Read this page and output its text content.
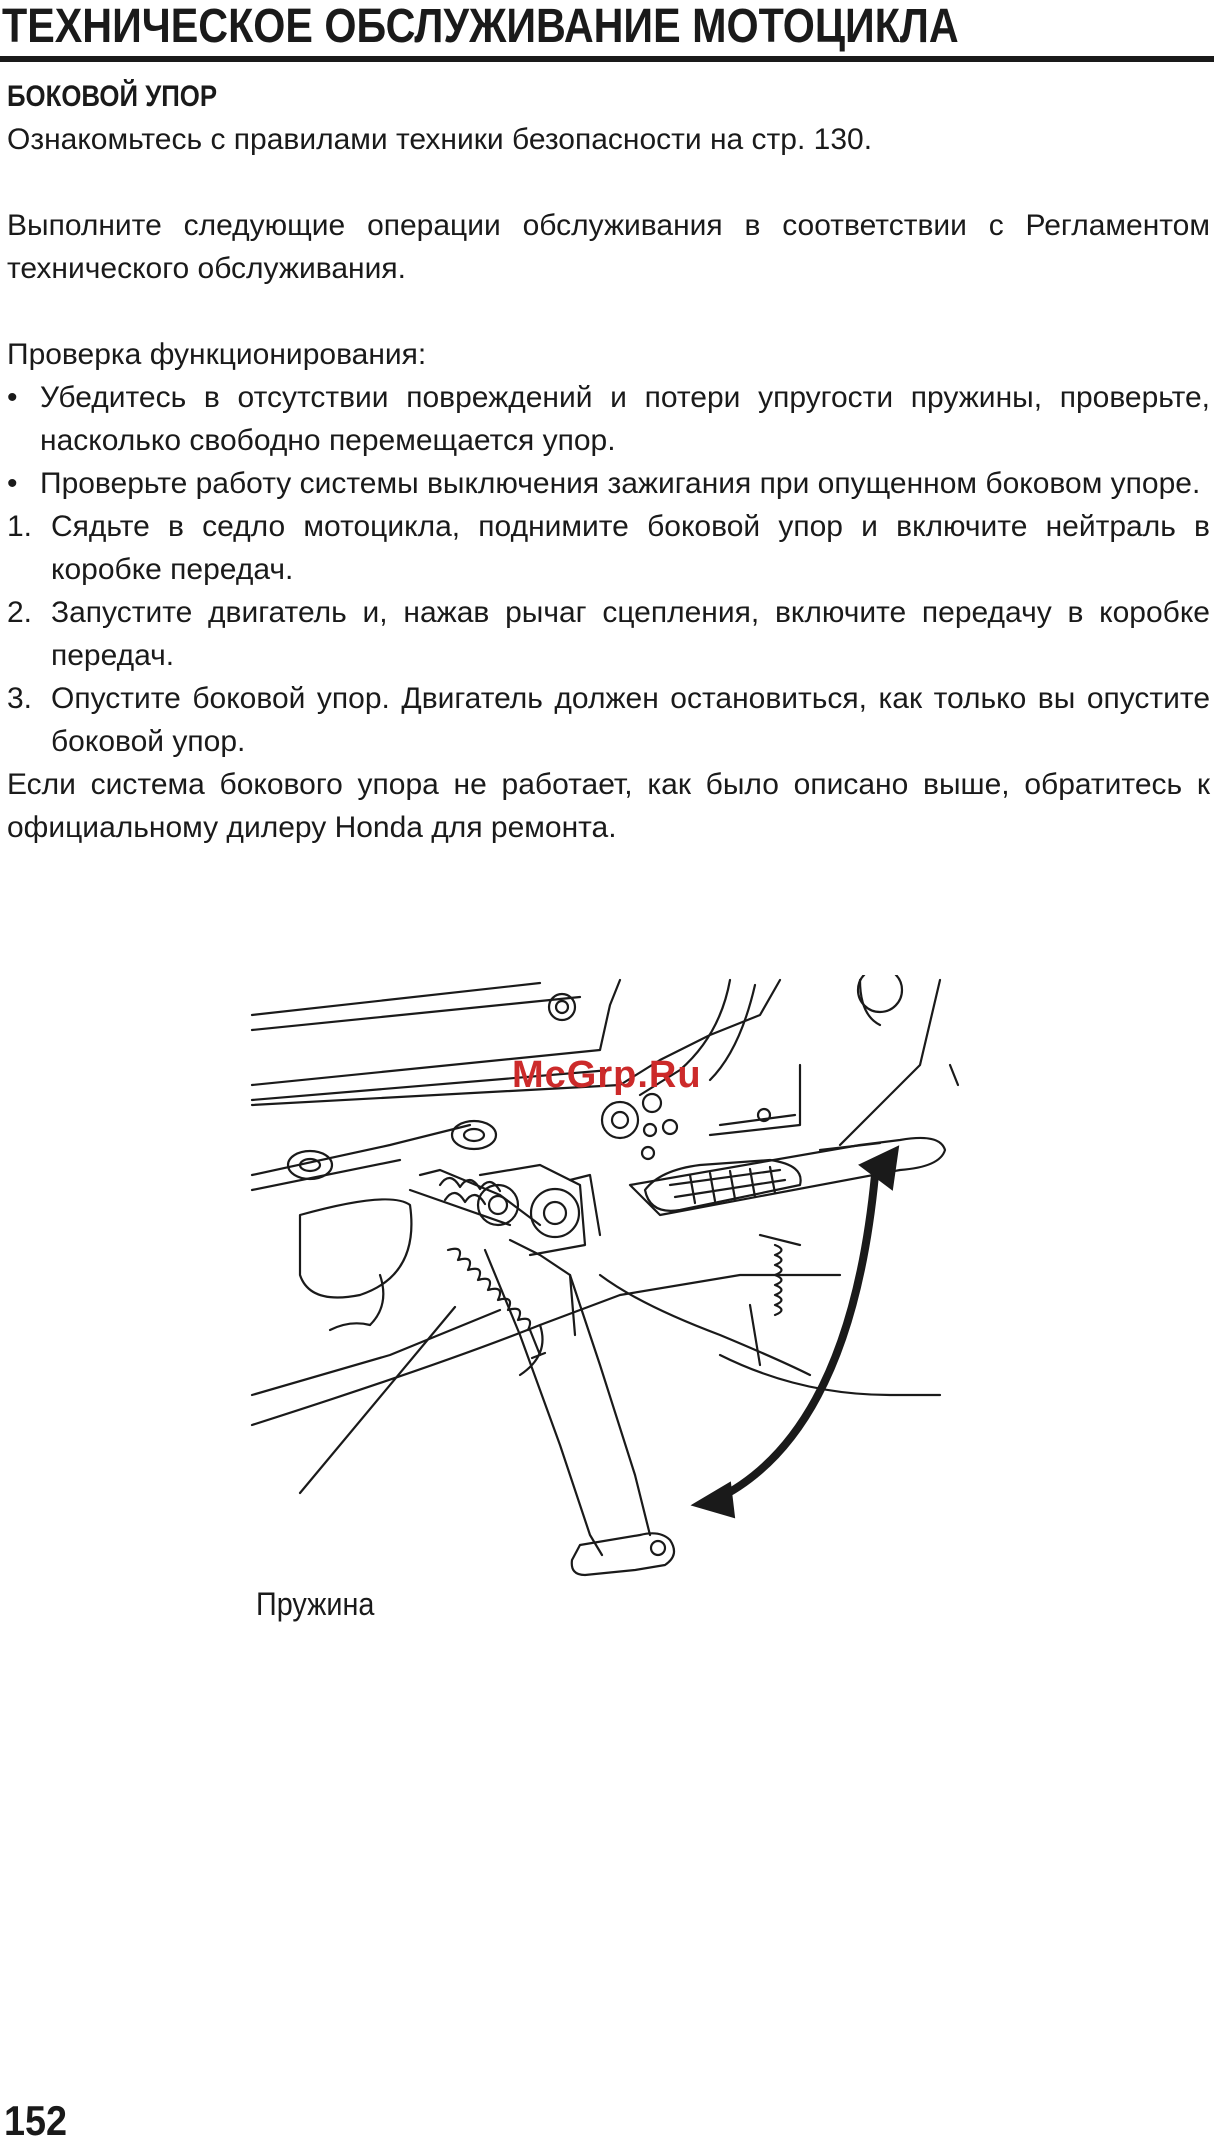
ТЕХНИЧЕСКОЕ ОБСЛУЖИВАНИЕ МОТОЦИКЛА
БОКОВОЙ УПОР

Ознакомьтесь с правилами техники безопасности на стр. 130.

Выполните следующие операции обслуживания в соответствии с Регламентом технического обслуживания.

Проверка функционирования:

• Убедитесь в отсутствии повреждений и потери упругости пружины, проверьте, насколько свободно перемещается упор.
• Проверьте работу системы выключения зажигания при опущенном боковом упоре.
1. Сядьте в седло мотоцикла, поднимите боковой упор и включите нейтраль в коробке передач.
2. Запустите двигатель и, нажав рычаг сцепления, включите передачу в коробке передач.
3. Опустите боковой упор. Двигатель должен остановиться, как только вы опустите боковой упор.

Если система бокового упора не работает, как было описано выше, обратитесь к официальному дилеру Honda для ремонта.

McGrp.Ru
Пружина
152
